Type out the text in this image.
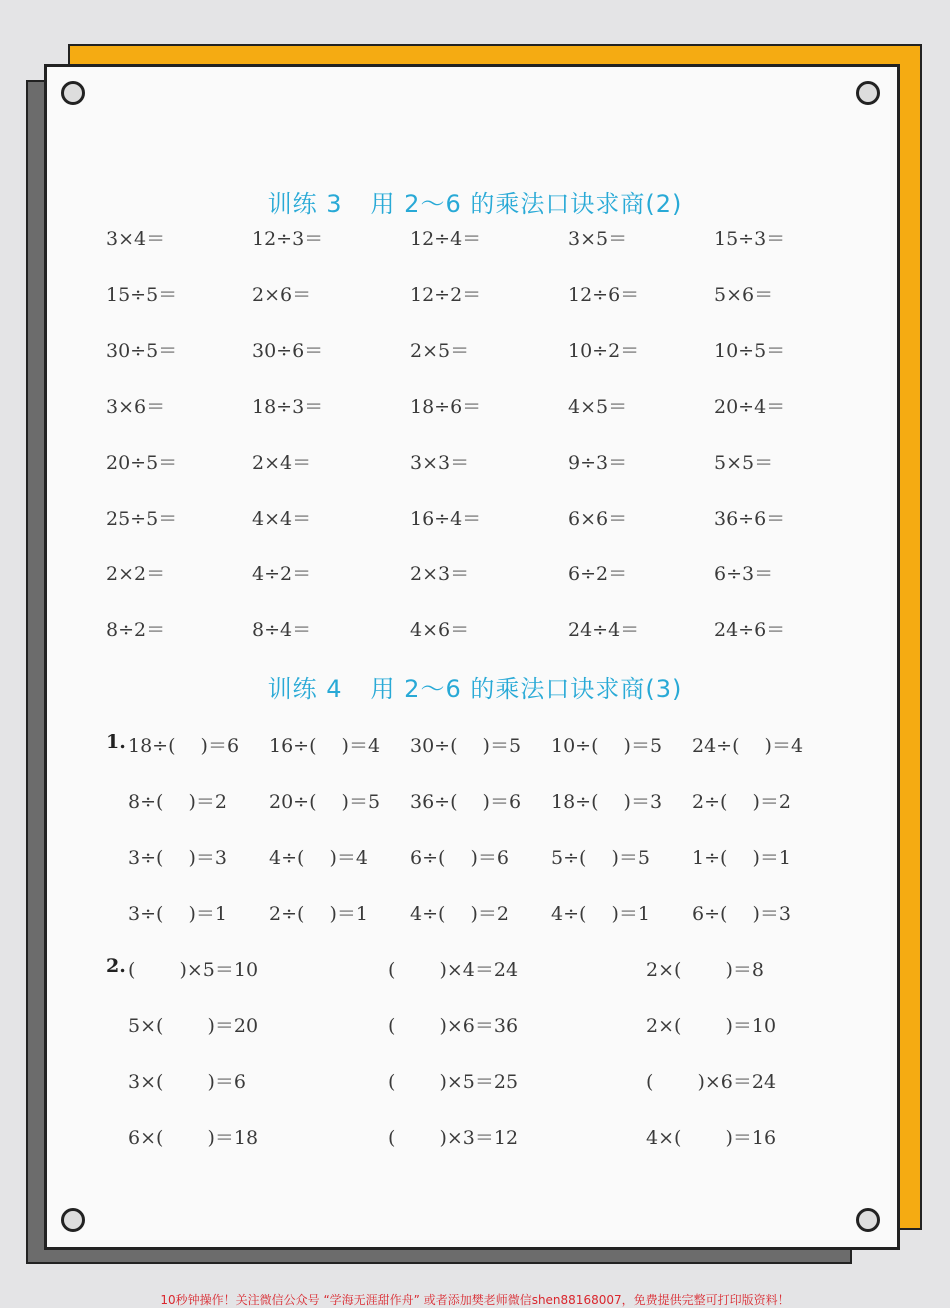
训练 3 用 2～6 的乘法口诀求商(2)
3×4＝	12÷3＝	12÷4＝	3×5＝	15÷3＝
15÷5＝	2×6＝	12÷2＝	12÷6＝	5×6＝
30÷5＝	30÷6＝	2×5＝	10÷2＝	10÷5＝
3×6＝	18÷3＝	18÷6＝	4×5＝	20÷4＝
20÷5＝	2×4＝	3×3＝	9÷3＝	5×5＝
25÷5＝	4×4＝	16÷4＝	6×6＝	36÷6＝
2×2＝	4÷2＝	2×3＝	6÷2＝	6÷3＝
8÷2＝	8÷4＝	4×6＝	24÷4＝	24÷6＝
训练 4 用 2～6 的乘法口诀求商(3)
1. 18÷(　 )＝6 16÷(　 )＝4 30÷(　 )＝5 10÷(　 )＝5 24÷(　 )＝4
8÷(　 )＝2 20÷(　 )＝5 36÷(　 )＝6 18÷(　 )＝3 2÷(　 )＝2
3÷(　 )＝3 4÷(　 )＝4 6÷(　 )＝6 5÷(　 )＝5 1÷(　 )＝1
3÷(　 )＝1 2÷(　 )＝1 4÷(　 )＝2 4÷(　 )＝1 6÷(　 )＝3
2. (　　 )×5＝10	(　　 )×4＝24	2×(　　 )＝8
5×(　　 )＝20	(　　 )×6＝36	2×(　　 )＝10
3×(　　 )＝6	(　　 )×5＝25	(　　 )×6＝24
6×(　　 )＝18	(　　 )×3＝12	4×(　　 )＝16
10秒钟操作！关注微信公众号 “学海无涯甜作舟” 或者添加樊老师微信shen88168007，免费提供完整可打印版资料！
